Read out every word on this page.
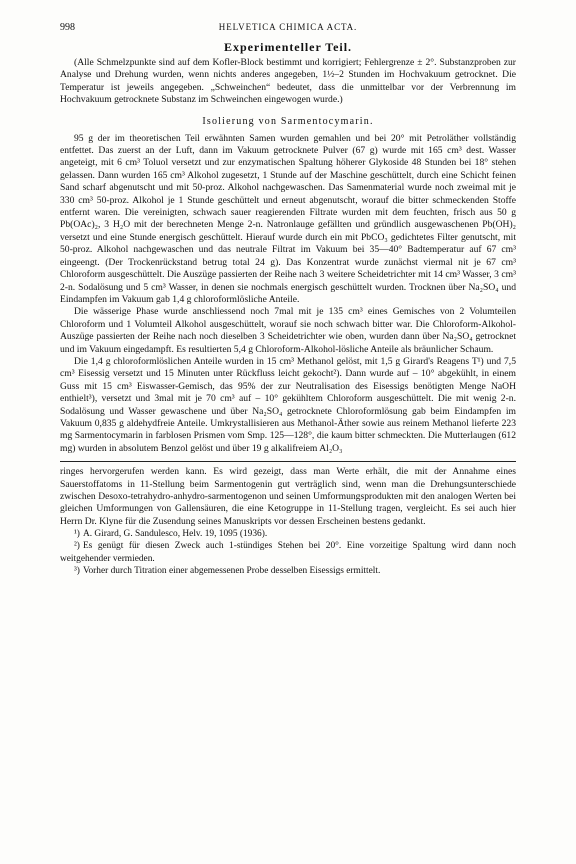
998	HELVETICA CHIMICA ACTA.
Experimenteller Teil.

(Alle Schmelzpunkte sind auf dem Kofler-Block bestimmt und korrigiert; Fehlergrenze ± 2°. Substanzproben zur Analyse und Drehung wurden, wenn nichts anderes angegeben, 1½–2 Stunden im Hochvakuum getrocknet. Die Temperatur ist jeweils angegeben. „Schweinchen“ bedeutet, dass die unmittelbar vor der Verbrennung im Hochvakuum getrocknete Substanz im Schweinchen eingewogen wurde.)

Isolierung von Sarmentocymarin.

95 g der im theoretischen Teil erwähnten Samen wurden gemahlen und bei 20° mit Petroläther vollständig entfettet. Das zuerst an der Luft, dann im Vakuum getrocknete Pulver (67 g) wurde mit 165 cm³ dest. Wasser angeteigt, mit 6 cm³ Toluol versetzt und zur enzymatischen Spaltung höherer Glykoside 48 Stunden bei 18° stehen gelassen. Dann wurden 165 cm³ Alkohol zugesetzt, 1 Stunde auf der Maschine geschüttelt, durch eine Schicht feinen Sand scharf abgenutscht und mit 50-proz. Alkohol nachgewaschen. Das Samenmaterial wurde noch zweimal mit je 330 cm³ 50-proz. Alkohol je 1 Stunde geschüttelt und erneut abgenutscht, worauf die bitter schmeckenden Stoffe entfernt waren. Die vereinigten, schwach sauer reagierenden Filtrate wurden mit dem feuchten, frisch aus 50 g Pb(OAc)₂, 3 H₂O mit der berechneten Menge 2-n. Natronlauge gefällten und gründlich ausgewaschenen Pb(OH)₂ versetzt und eine Stunde energisch geschüttelt. Hierauf wurde durch ein mit PbCO₃ gedichtetes Filter genutscht, mit 50-proz. Alkohol nachgewaschen und das neutrale Filtrat im Vakuum bei 35—40° Badtemperatur auf 67 cm³ eingeengt. (Der Trockenrückstand betrug total 24 g). Das Konzentrat wurde zunächst viermal nit je 67 cm³ Chloroform ausgeschüttelt. Die Auszüge passierten der Reihe nach 3 weitere Scheidetrichter mit 14 cm³ Wasser, 3 cm³ 2-n. Sodalösung und 5 cm³ Wasser, in denen sie nochmals energisch geschüttelt wurden. Trocknen über Na₂SO₄ und Eindampfen im Vakuum gab 1,4 g chloroformlösliche Anteile.

Die wässerige Phase wurde anschliessend noch 7mal mit je 135 cm³ eines Gemisches von 2 Volumteilen Chloroform und 1 Volumteil Alkohol ausgeschüttelt, worauf sie noch schwach bitter war. Die Chloroform-Alkohol-Auszüge passierten der Reihe nach noch dieselben 3 Scheidetrichter wie oben, wurden dann über Na₂SO₄ getrocknet und im Vakuum eingedampft. Es resultierten 5,4 g Chloroform-Alkohol-lösliche Anteile als bräunlicher Schaum.

Die 1,4 g chloroformlöslichen Anteile wurden in 15 cm³ Methanol gelöst, mit 1,5 g Girard's Reagens T¹) und 7,5 cm³ Eisessig versetzt und 15 Minuten unter Rückfluss leicht gekocht²). Dann wurde auf – 10° abgekühlt, in einem Guss mit 15 cm³ Eiswasser-Gemisch, das 95% der zur Neutralisation des Eisessigs benötigten Menge NaOH enthielt³), versetzt und 3mal mit je 70 cm³ auf – 10° gekühltem Chloroform ausgeschüttelt. Die mit wenig 2-n. Sodalösung und Wasser gewaschene und über Na₂SO₄ getrocknete Chloroformlösung gab beim Eindampfen im Vakuum 0,835 g aldehydfreie Anteile. Umkrystallisieren aus Methanol-Äther sowie aus reinem Methanol lieferte 223 mg Sarmentocymarin in farblosen Prismen vom Smp. 125—128°, die kaum bitter schmeckten. Die Mutterlaugen (612 mg) wurden in absolutem Benzol gelöst und über 19 g alkalifreiem Al₂O₃

ringes hervorgerufen werden kann. Es wird gezeigt, dass man Werte erhält, die mit der Annahme eines Sauerstoffatoms in 11-Stellung beim Sarmentogenin gut verträglich sind, wenn man die Drehungsunterschiede zwischen Desoxo-tetrahydro-anhydro-sarmentogenon und seinen Umformungsprodukten mit den analogen Werten bei gleichen Umformungen von Gallensäuren, die eine Ketogruppe in 11-Stellung tragen, vergleicht. Es sei auch hier Herrn Dr. Klyne für die Zusendung seines Manuskripts vor dessen Erscheinen bestens gedankt.

¹) A. Girard, G. Sandulesco, Helv. 19, 1095 (1936).

²) Es genügt für diesen Zweck auch 1-stündiges Stehen bei 20°. Eine vorzeitige Spaltung wird dann noch weitgehender vermieden.

³) Vorher durch Titration einer abgemessenen Probe desselben Eisessigs ermittelt.
